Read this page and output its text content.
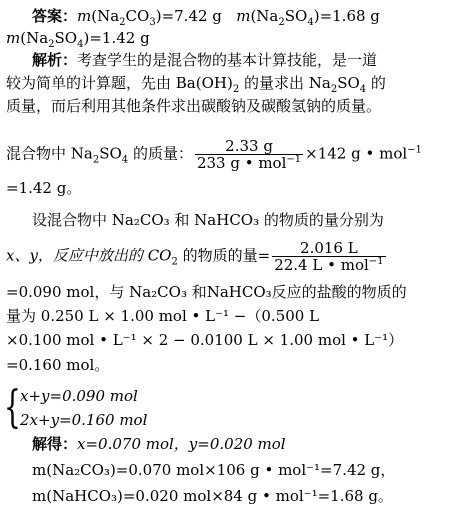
答案：$m(Na_2CO_3)=7.42$ g $m(Na_2SO_4)=1.68$ g
$m(Na_2SO_4)=1.42$ g
解析：考查学生的是混合物的基本计算技能，是一道
较为简单的计算题，先由 $Ba(OH)_2$ 的量求出 $Na_2SO_4$ 的
质量，而后利用其他条件求出碳酸钠及碳酸氢钠的质量。
混合物中 $Na_2SO_4$ 的质量： $\frac{2.33 g}{233 g • mol^{-1}} \times 142$ g • mol$^{-1}$
=1.42 g。
设混合物中 Na₂CO₃ 和 NaHCO₃ 的物质的量分别为
x、y，反应中放出的 $CO_2$ 的物质的量= $\frac{2.016 L}{22.4 L • mol^{-1}}$
=0.090 mol，与 Na₂CO₃ 和NaHCO₃反应的盐酸的物质的
量为 0.250 L × 1.00 mol • L⁻¹ −（0.500 L
×0.100 mol • L⁻¹ × 2 − 0.0100 L × 1.00 mol • L⁻¹）
=0.160 mol。
{ x+y=0.090 mol
2x+y=0.160 mol
解得：x=0.070 mol，y=0.020 mol
m(Na₂CO₃)=0.070 mol×106 g • mol⁻¹=7.42 g，
m(NaHCO₃)=0.020 mol×84 g • mol⁻¹=1.68 g。
